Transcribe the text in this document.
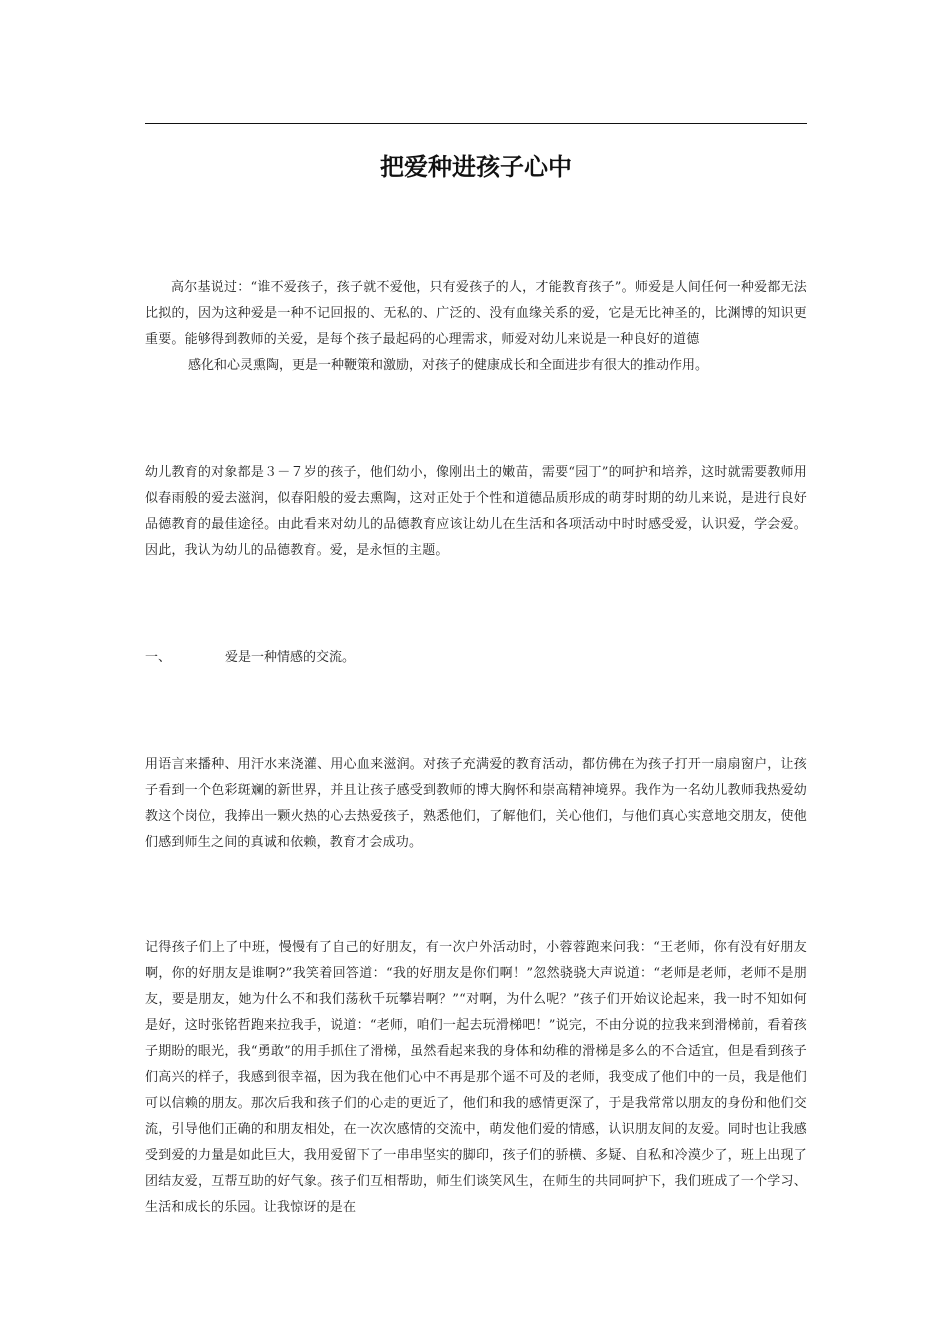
把爱种进孩子心中

高尔基说过：“谁不爱孩子，孩子就不爱他，只有爱孩子的人，才能教育孩子”。师爱是人间任何一种爱都无法比拟的，因为这种爱是一种不记回报的、无私的、广泛的、没有血缘关系的爱，它是无比神圣的，比渊博的知识更重要。能够得到教师的关爱，是每个孩子最起码的心理需求，师爱对幼儿来说是一种良好的道德

感化和心灵熏陶，更是一种鞭策和激励，对孩子的健康成长和全面进步有很大的推动作用。

幼儿教育的对象都是３－７岁的孩子，他们幼小，像刚出土的嫩苗，需要“园丁”的呵护和培养，这时就需要教师用似春雨般的爱去滋润，似春阳般的爱去熏陶，这对正处于个性和道德品质形成的萌芽时期的幼儿来说，是进行良好品德教育的最佳途径。由此看来对幼儿的品德教育应该让幼儿在生活和各项活动中时时感受爱，认识爱，学会爱。因此，我认为幼儿的品德教育。爱，是永恒的主题。

一、	爱是一种情感的交流。

用语言来播种、用汗水来浇灌、用心血来滋润。对孩子充满爱的教育活动，都仿佛在为孩子打开一扇扇窗户，让孩子看到一个色彩斑斓的新世界，并且让孩子感受到教师的博大胸怀和崇高精神境界。我作为一名幼儿教师我热爱幼教这个岗位，我捧出一颗火热的心去热爱孩子，熟悉他们，了解他们，关心他们，与他们真心实意地交朋友，使他们感到师生之间的真诚和依赖，教育才会成功。

记得孩子们上了中班，慢慢有了自己的好朋友，有一次户外活动时，小蓉蓉跑来问我：“王老师，你有没有好朋友啊，你的好朋友是谁啊?”我笑着回答道：“我的好朋友是你们啊！”忽然骁骁大声说道：“老师是老师，老师不是朋友，要是朋友，她为什么不和我们荡秋千玩攀岩啊？”“对啊，为什么呢？”孩子们开始议论起来，我一时不知如何是好，这时张铭哲跑来拉我手，说道：“老师，咱们一起去玩滑梯吧！”说完，不由分说的拉我来到滑梯前，看着孩子期盼的眼光，我“勇敢”的用手抓住了滑梯，虽然看起来我的身体和幼稚的滑梯是多么的不合适宜，但是看到孩子们高兴的样子，我感到很幸福，因为我在他们心中不再是那个遥不可及的老师，我变成了他们中的一员，我是他们可以信赖的朋友。那次后我和孩子们的心走的更近了，他们和我的感情更深了，于是我常常以朋友的身份和他们交流，引导他们正确的和朋友相处，在一次次感情的交流中，萌发他们爱的情感，认识朋友间的友爱。同时也让我感受到爱的力量是如此巨大，我用爱留下了一串串坚实的脚印，孩子们的骄横、多疑、自私和冷漠少了，班上出现了团结友爱，互帮互助的好气象。孩子们互相帮助，师生们谈笑风生，在师生的共同呵护下，我们班成了一个学习、生活和成长的乐园。让我惊讶的是在
